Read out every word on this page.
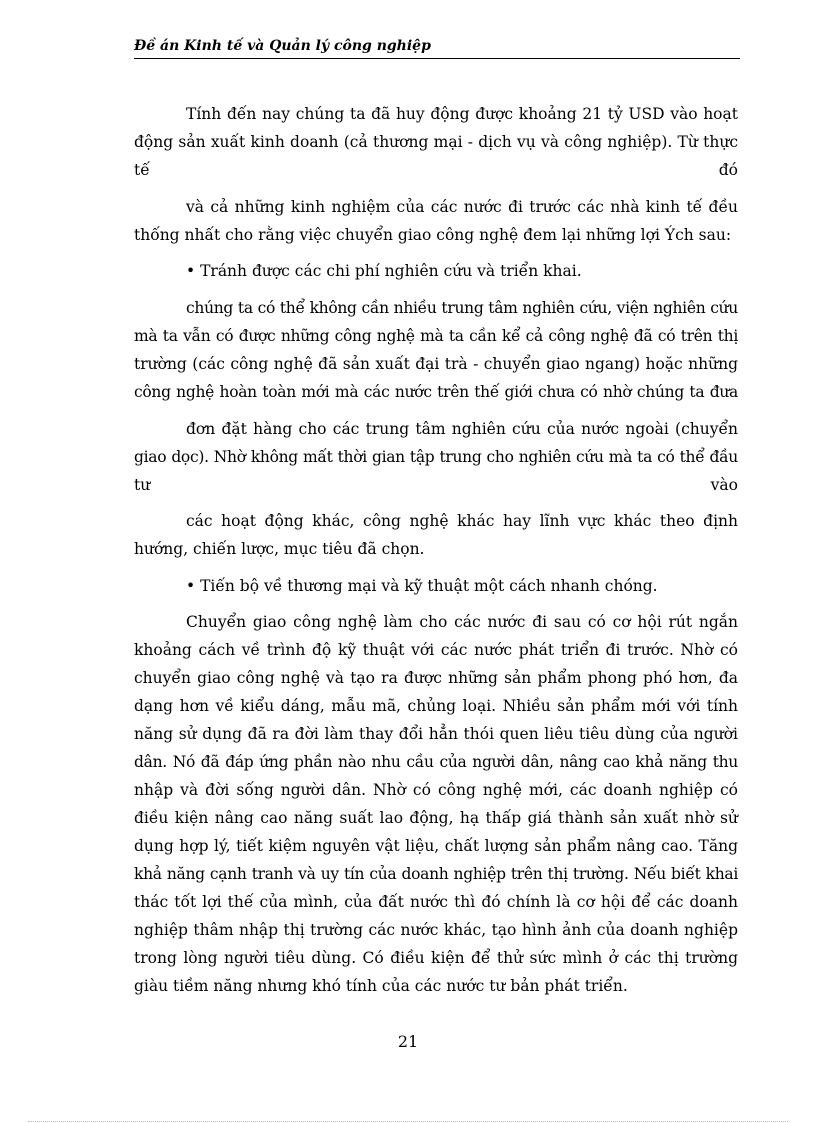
Đề án Kinh tế và Quản lý công nghiệp
Tính đến nay chúng ta đã huy động được khoảng 21 tỷ USD vào hoạt
động sản xuất kinh doanh (cả thương mại - dịch vụ và công nghiệp). Từ thực
tế	đó
và cả những kinh nghiệm của các nước đi trước các nhà kinh tế đều
thống nhất cho rằng việc chuyển giao công nghệ đem lại những lợi Ých sau:
• Tránh được các chi phí nghiên cứu và triển khai.
chúng ta có thể không cần nhiều trung tâm nghiên cứu, viện nghiên cứu
mà ta vẫn có được những công nghệ mà ta cần kể cả công nghệ đã có trên thị
trường (các công nghệ đã sản xuất đại trà - chuyển giao ngang) hoặc những
công nghệ hoàn toàn mới mà các nước trên thế giới chưa có nhờ chúng ta đưa
đơn đặt hàng cho các trung tâm nghiên cứu của nước ngoài (chuyển
giao dọc). Nhờ không mất thời gian tập trung cho nghiên cứu mà ta có thể đầu
tư	vào
các hoạt động khác, công nghệ khác hay lĩnh vực khác theo định
hướng, chiến lược, mục tiêu đã chọn.
• Tiến bộ về thương mại và kỹ thuật một cách nhanh chóng.
Chuyển giao công nghệ làm cho các nước đi sau có cơ hội rút ngắn
khoảng cách về trình độ kỹ thuật với các nước phát triển đi trước. Nhờ có
chuyển giao công nghệ và tạo ra được những sản phẩm phong phó hơn, đa
dạng hơn về kiểu dáng, mẫu mã, chủng loại. Nhiều sản phẩm mới với tính
năng sử dụng đã ra đời làm thay đổi hẳn thói quen liêu tiêu dùng của người
dân. Nó đã đáp ứng phần nào nhu cầu của người dân, nâng cao khả năng thu
nhập và đời sống người dân. Nhờ có công nghệ mới, các doanh nghiệp có
điều kiện nâng cao năng suất lao động, hạ thấp giá thành sản xuất nhờ sử
dụng hợp lý, tiết kiệm nguyên vật liệu, chất lượng sản phẩm nâng cao. Tăng
khả năng cạnh tranh và uy tín của doanh nghiệp trên thị trường. Nếu biết khai
thác tốt lợi thế của mình, của đất nước thì đó chính là cơ hội để các doanh
nghiệp thâm nhập thị trường các nước khác, tạo hình ảnh của doanh nghiệp
trong lòng người tiêu dùng. Có điều kiện để thử sức mình ở các thị trường
giàu tiềm năng nhưng khó tính của các nước tư bản phát triển.
21
